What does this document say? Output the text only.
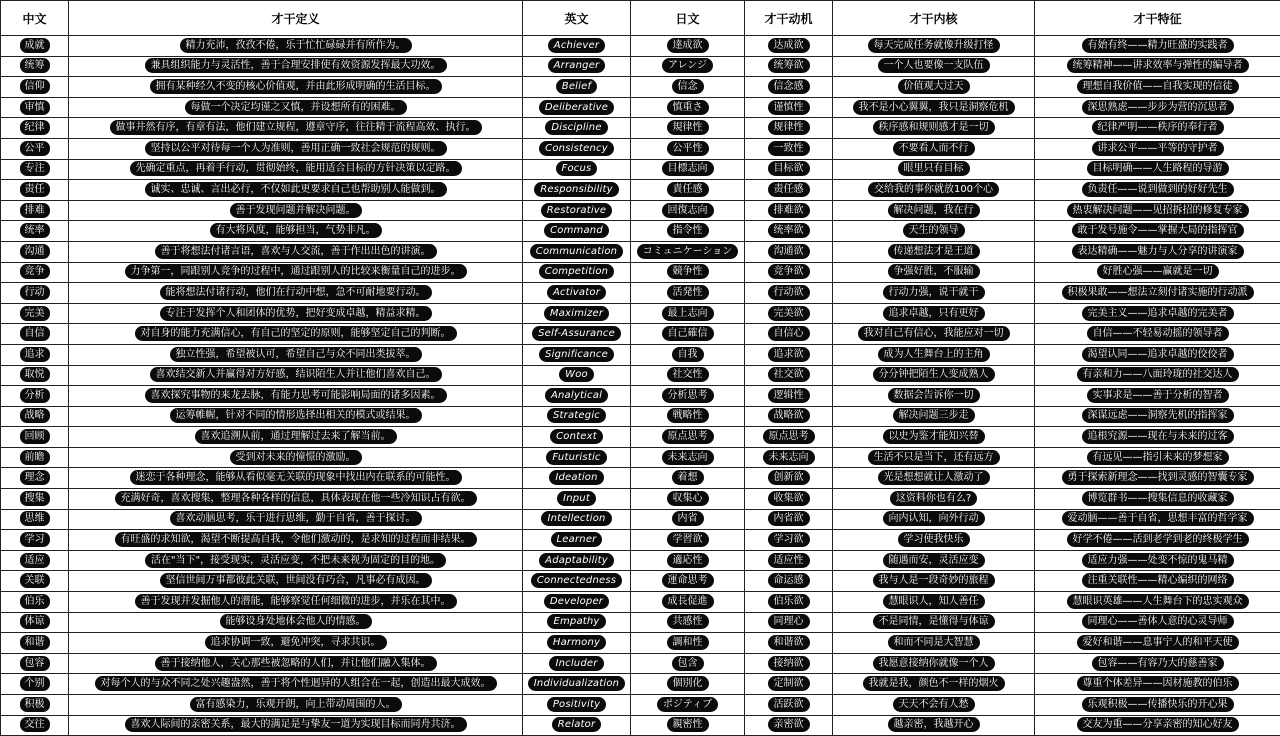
中文	才干定义	英文	日文	才干动机	才干内核	才干特征
成就	精力充沛，孜孜不倦，乐于忙忙碌碌并有所作为。	Achiever	達成欲	达成欲	每天完成任务就像升级打怪	有始有终——精力旺盛的实践者
统筹	兼具组织能力与灵活性，善于合理安排使有效资源发挥最大功效。	Arranger	アレンジ	统筹欲	一个人也要像一支队伍	统筹精神——讲求效率与弹性的编导者
信仰	拥有某种经久不变的核心价值观，并由此形成明确的生活目标。	Belief	信念	信念感	价值观大过天	理想自我价值——自我实现的信徒
审慎	每做一个决定均谨之又慎，并设想所有的困难。	Deliberative	慎重さ	谨慎性	我不是小心翼翼，我只是洞察危机	深思熟虑——步步为营的沉思者
纪律	做事井然有序，有章有法，他们建立规程，遵章守序，往往精于流程高效、执行。	Discipline	規律性	规律性	秩序感和规则感才是一切	纪律严明——秩序的奉行者
公平	坚持以公平对待每一个人为准则，善用正确一致社会规范的规则。	Consistency	公平性	一致性	不要看人而不行	讲求公平——平等的守护者
专注	先确定重点，再着手行动，贯彻始终，能用适合目标的方针决策以定路。	Focus	目標志向	目标欲	眼里只有目标	目标明确——人生路程的导游
责任	诚实、忠诚、言出必行，不仅如此更要求自己也帮助别人能做到。	Responsibility	責任感	责任感	交给我的事你就放100个心	负责任——说到做到的好好先生
排难	善于发现问题并解决问题。	Restorative	回復志向	排难欲	解决问题，我在行	热衷解决问题——见招拆招的修复专家
统率	有大将风度，能够担当，气势非凡。	Command	指令性	统率欲	天生的领导	敢于发号施令——掌握大局的指挥官
沟通	善于将想法付诸言语，喜欢与人交流，善于作出出色的讲演。	Communication	コミュニケーション	沟通欲	传递想法才是王道	表达精确——魅力与人分享的讲演家
竞争	力争第一，同跟别人竞争的过程中，通过跟别人的比较来衡量自己的进步。	Competition	競争性	竞争欲	争强好胜，不服输	好胜心强——赢就是一切
行动	能将想法付诸行动，他们在行动中想，急不可耐地要行动。	Activator	活発性	行动欲	行动力强，说干就干	积极果敢——想法立刻付诸实施的行动派
完美	专注于发挥个人和团体的优势，把好变成卓越，精益求精。	Maximizer	最上志向	完美欲	追求卓越，只有更好	完美主义——追求卓越的完美者
自信	对自身的能力充满信心，有自己的坚定的原则，能够坚定自己的判断。	Self-Assurance	自己確信	自信心	我对自己有信心，我能应对一切	自信——不轻易动摇的领导者
追求	独立性强，希望被认可，希望自己与众不同出类拔萃。	Significance	自我	追求欲	成为人生舞台上的主角	渴望认同——追求卓越的佼佼者
取悦	喜欢结交新人并赢得对方好感，结识陌生人并让他们喜欢自己。	Woo	社交性	社交欲	分分钟把陌生人变成熟人	有亲和力——八面玲珑的社交达人
分析	喜欢探究事物的来龙去脉，有能力思考可能影响局面的诸多因素。	Analytical	分析思考	逻辑性	数据会告诉你一切	实事求是——善于分析的智者
战略	运筹帷幄，针对不同的情形选择出相关的模式或结果。	Strategic	戦略性	战略欲	解决问题三步走	深谋远虑——洞察先机的指挥家
回顾	喜欢追溯从前，通过理解过去来了解当前。	Context	原点思考	原点思考	以史为鉴才能知兴替	追根究源——现在与未来的过客
前瞻	受到对未来的憧憬的激励。	Futuristic	未来志向	未来志向	生活不只是当下，还有远方	有远见——指引未来的梦想家
理念	迷恋于各种理念，能够从看似毫无关联的现象中找出内在联系的可能性。	Ideation	着想	创新欲	光是想想就让人激动了	勇于探索新理念——找到灵感的智囊专家
搜集	充满好奇，喜欢搜集，整理各种各样的信息，具体表现在他一些冷知识占有欲。	Input	収集心	收集欲	这资料你也有么?	博览群书——搜集信息的收藏家
思维	喜欢动脑思考，乐于进行思维，勤于自省，善于探讨。	Intellection	内省	内省欲	向内认知，向外行动	爱动脑——善于自省，思想丰富的哲学家
学习	有旺盛的求知欲，渴望不断提高自我，令他们激动的，是求知的过程而非结果。	Learner	学習欲	学习欲	学习使我快乐	好学不倦——活到老学到老的终极学生
适应	活在"当下"，接受现实，灵活应变，不把未来视为固定的目的地。	Adaptability	適応性	适应性	随遇而安，灵活应变	适应力强——处变不惊的鬼马精
关联	坚信世间万事都彼此关联，世间没有巧合，凡事必有成因。	Connectedness	運命思考	命运感	我与人是一段奇妙的旅程	注重关联性——精心编织的网络
伯乐	善于发现并发掘他人的潜能，能够察觉任何细微的进步，并乐在其中。	Developer	成長促進	伯乐欲	慧眼识人，知人善任	慧眼识英雄——人生舞台下的忠实观众
体谅	能够设身处地体会他人的情感。	Empathy	共感性	同理心	不是同情，是懂得与体谅	同理心——善体人意的心灵导师
和谐	追求协调一致，避免冲突，寻求共识。	Harmony	調和性	和谐欲	和而不同是大智慧	爱好和谐——息事宁人的和平天使
包容	善于接纳他人，关心那些被忽略的人们，并让他们融入集体。	Includer	包含	接纳欲	我愿意接纳你就像一个人	包容——有容乃大的慈善家
个别	对每个人的与众不同之处兴趣盎然，善于将个性迥异的人组合在一起，创造出最大成效。	Individualization	個別化	定制欲	我就是我，颜色不一样的烟火	尊重个体差异——因材施教的伯乐
积极	富有感染力，乐观开朗，向上带动周围的人。	Positivity	ポジティブ	活跃欲	天天不会有人愁	乐观积极——传播快乐的开心果
交往	喜欢人际间的亲密关系，最大的满足是与挚友一道为实现目标而同舟共济。	Relator	親密性	亲密欲	越亲密，我越开心	交友为重——分享亲密的知心好友
